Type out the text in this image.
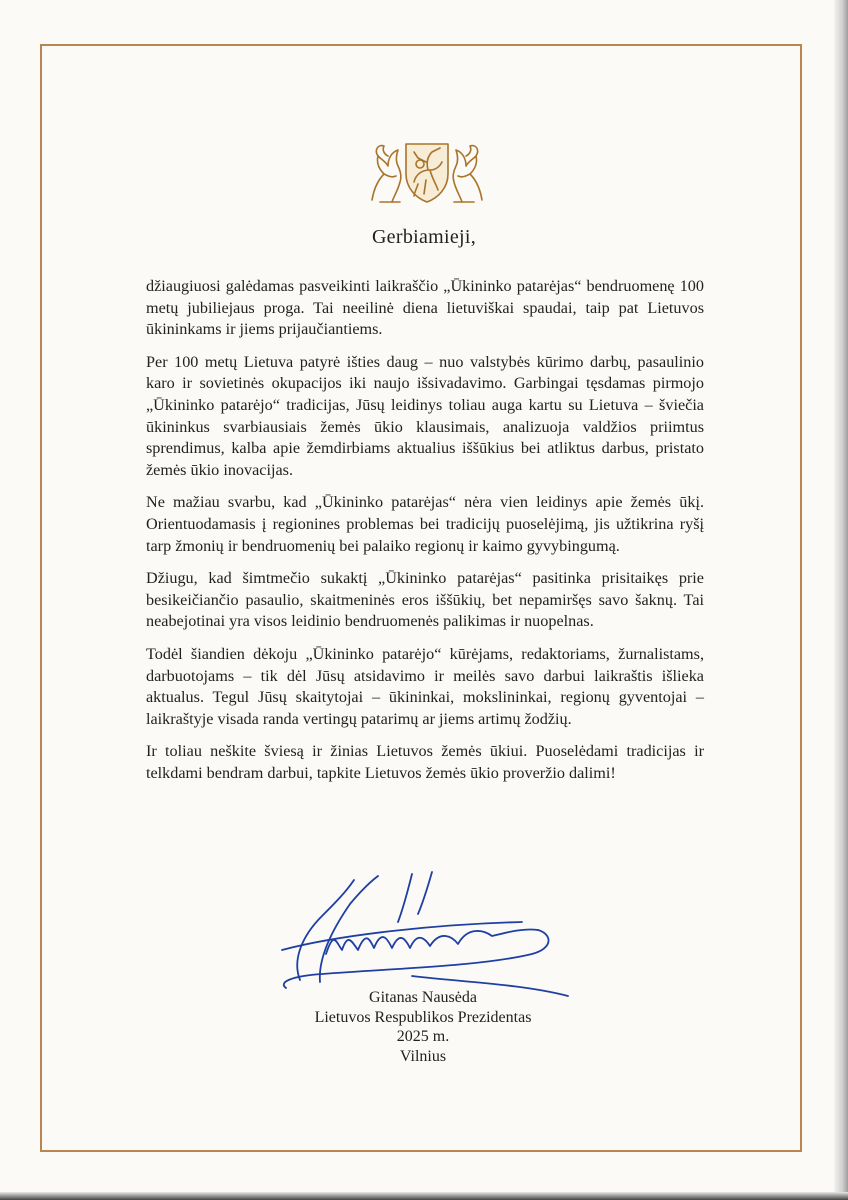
Gerbiamieji,

džiaugiuosi galėdamas pasveikinti laikraščio „Ūkininko patarėjas“ bendruomenę 100 metų jubiliejaus proga. Tai neeilinė diena lietuviškai spaudai, taip pat Lietuvos ūkininkams ir jiems prijaučiantiems.

Per 100 metų Lietuva patyrė išties daug – nuo valstybės kūrimo darbų, pasaulinio karo ir sovietinės okupacijos iki naujo išsivadavimo. Garbingai tęsdamas pirmojo „Ūkininko patarėjo“ tradicijas, Jūsų leidinys toliau auga kartu su Lietuva – šviečia ūkininkus svarbiausiais žemės ūkio klausimais, analizuoja valdžios priimtus sprendimus, kalba apie žemdirbiams aktualius iššūkius bei atliktus darbus, pristato žemės ūkio inovacijas.

Ne mažiau svarbu, kad „Ūkininko patarėjas“ nėra vien leidinys apie žemės ūkį. Orientuodamasis į regionines problemas bei tradicijų puoselėjimą, jis užtikrina ryšį tarp žmonių ir bendruomenių bei palaiko regionų ir kaimo gyvybingumą.

Džiugu, kad šimtmečio sukaktį „Ūkininko patarėjas“ pasitinka prisitaikęs prie besikeičiančio pasaulio, skaitmeninės eros iššūkių, bet nepamiršęs savo šaknų. Tai neabejotinai yra visos leidinio bendruomenės palikimas ir nuopelnas.

Todėl šiandien dėkoju „Ūkininko patarėjo“ kūrėjams, redaktoriams, žurnalistams, darbuotojams – tik dėl Jūsų atsidavimo ir meilės savo darbui laikraštis išlieka aktualus. Tegul Jūsų skaitytojai – ūkininkai, mokslininkai, regionų gyventojai – laikraštyje visada randa vertingų patarimų ar jiems artimų žodžių.

Ir toliau neškite šviesą ir žinias Lietuvos žemės ūkiui. Puoselėdami tradicijas ir telkdami bendram darbui, tapkite Lietuvos žemės ūkio proveržio dalimi!

Gitanas Nausėda
Lietuvos Respublikos Prezidentas
2025 m.
Vilnius
